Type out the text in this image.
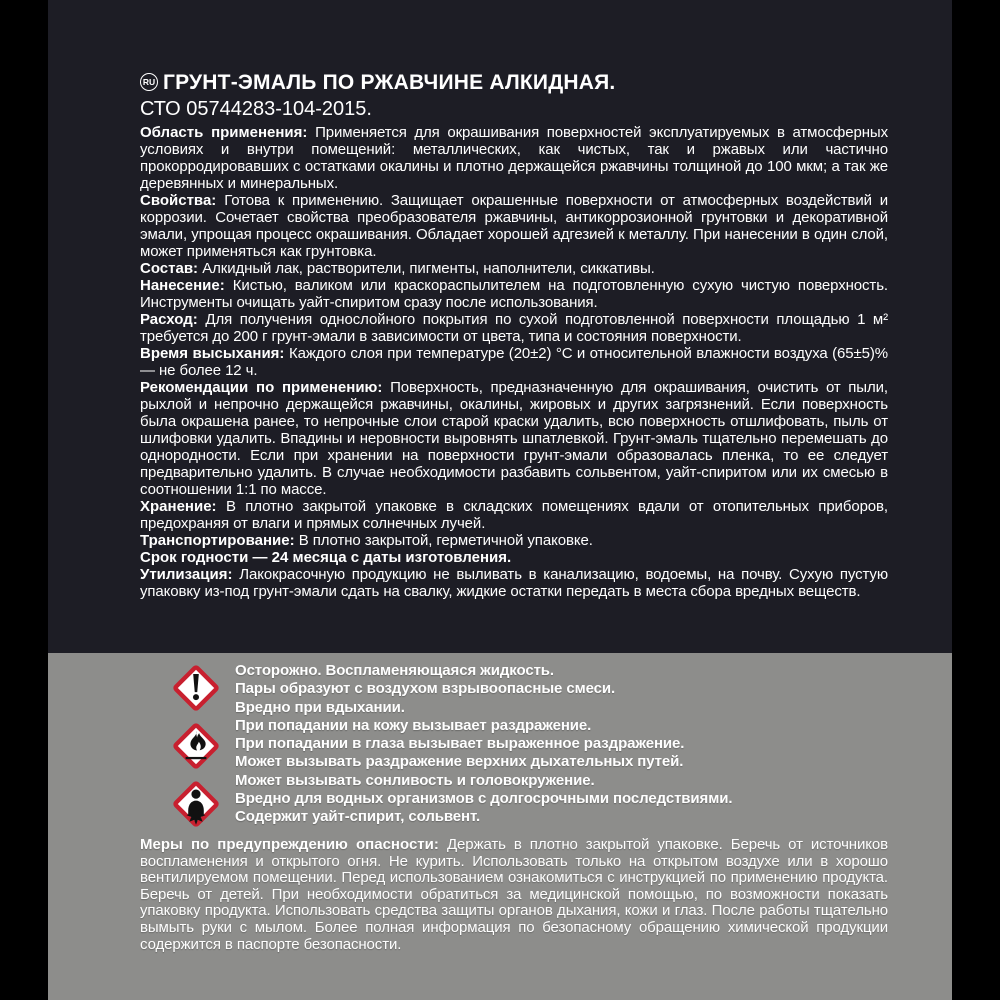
RU ГРУНТ-ЭМАЛЬ ПО РЖАВЧИНЕ АЛКИДНАЯ.

СТО 05744283-104-2015.

Область применения: Применяется для окрашивания поверхностей эксплуатируемых в атмосферных условиях и внутри помещений: металлических, как чистых, так и ржавых или частично прокорродировавших с остатками окалины и плотно держащейся ржавчины толщиной до 100 мкм; а так же деревянных и минеральных.

Свойства: Готова к применению. Защищает окрашенные поверхности от атмосферных воздействий и коррозии. Сочетает свойства преобразователя ржавчины, антикоррозионной грунтовки и декоративной эмали, упрощая процесс окрашивания. Обладает хорошей адгезией к металлу. При нанесении в один слой, может применяться как грунтовка.

Состав: Алкидный лак, растворители, пигменты, наполнители, сиккативы.

Нанесение: Кистью, валиком или краскораспылителем на подготовленную сухую чистую поверхность. Инструменты очищать уайт-спиритом сразу после использования.

Расход: Для получения однослойного покрытия по сухой подготовленной поверхности площадью 1 м² требуется до 200 г грунт-эмали в зависимости от цвета, типа и состояния поверхности.

Время высыхания: Каждого слоя при температуре (20±2) °С и относительной влажности воздуха (65±5)% — не более 12 ч.

Рекомендации по применению: Поверхность, предназначенную для окрашивания, очистить от пыли, рыхлой и непрочно держащейся ржавчины, окалины, жировых и других загрязнений. Если поверхность была окрашена ранее, то непрочные слои старой краски удалить, всю поверхность отшлифовать, пыль от шлифовки удалить. Впадины и неровности выровнять шпатлевкой. Грунт-эмаль тщательно перемешать до однородности. Если при хранении на поверхности грунт-эмали образовалась пленка, то ее следует предварительно удалить. В случае необходимости разбавить сольвентом, уайт-спиритом или их смесью в соотношении 1:1 по массе.

Хранение: В плотно закрытой упаковке в складских помещениях вдали от отопительных приборов, предохраняя от влаги и прямых солнечных лучей.

Транспортирование: В плотно закрытой, герметичной упаковке.

Срок годности — 24 месяца с даты изготовления.

Утилизация: Лакокрасочную продукцию не выливать в канализацию, водоемы, на почву. Сухую пустую упаковку из-под грунт-эмали сдать на свалку, жидкие остатки передать в места сбора вредных веществ.

Осторожно. Воспламеняющаяся жидкость.
Пары образуют с воздухом взрывоопасные смеси.
Вредно при вдыхании.
При попадании на кожу вызывает раздражение.
При попадании в глаза вызывает выраженное раздражение.
Может вызывать раздражение верхних дыхательных путей.
Может вызывать сонливость и головокружение.
Вредно для водных организмов с долгосрочными последствиями.
Содержит уайт-спирит, сольвент.

Меры по предупреждению опасности: Держать в плотно закрытой упаковке. Беречь от источников воспламенения и открытого огня. Не курить. Использовать только на открытом воздухе или в хорошо вентилируемом помещении. Перед использованием ознакомиться с инструкцией по применению продукта. Беречь от детей. При необходимости обратиться за медицинской помощью, по возможности показать упаковку продукта. Использовать средства защиты органов дыхания, кожи и глаз. После работы тщательно вымыть руки с мылом. Более полная информация по безопасному обращению химической продукции содержится в паспорте безопасности.
